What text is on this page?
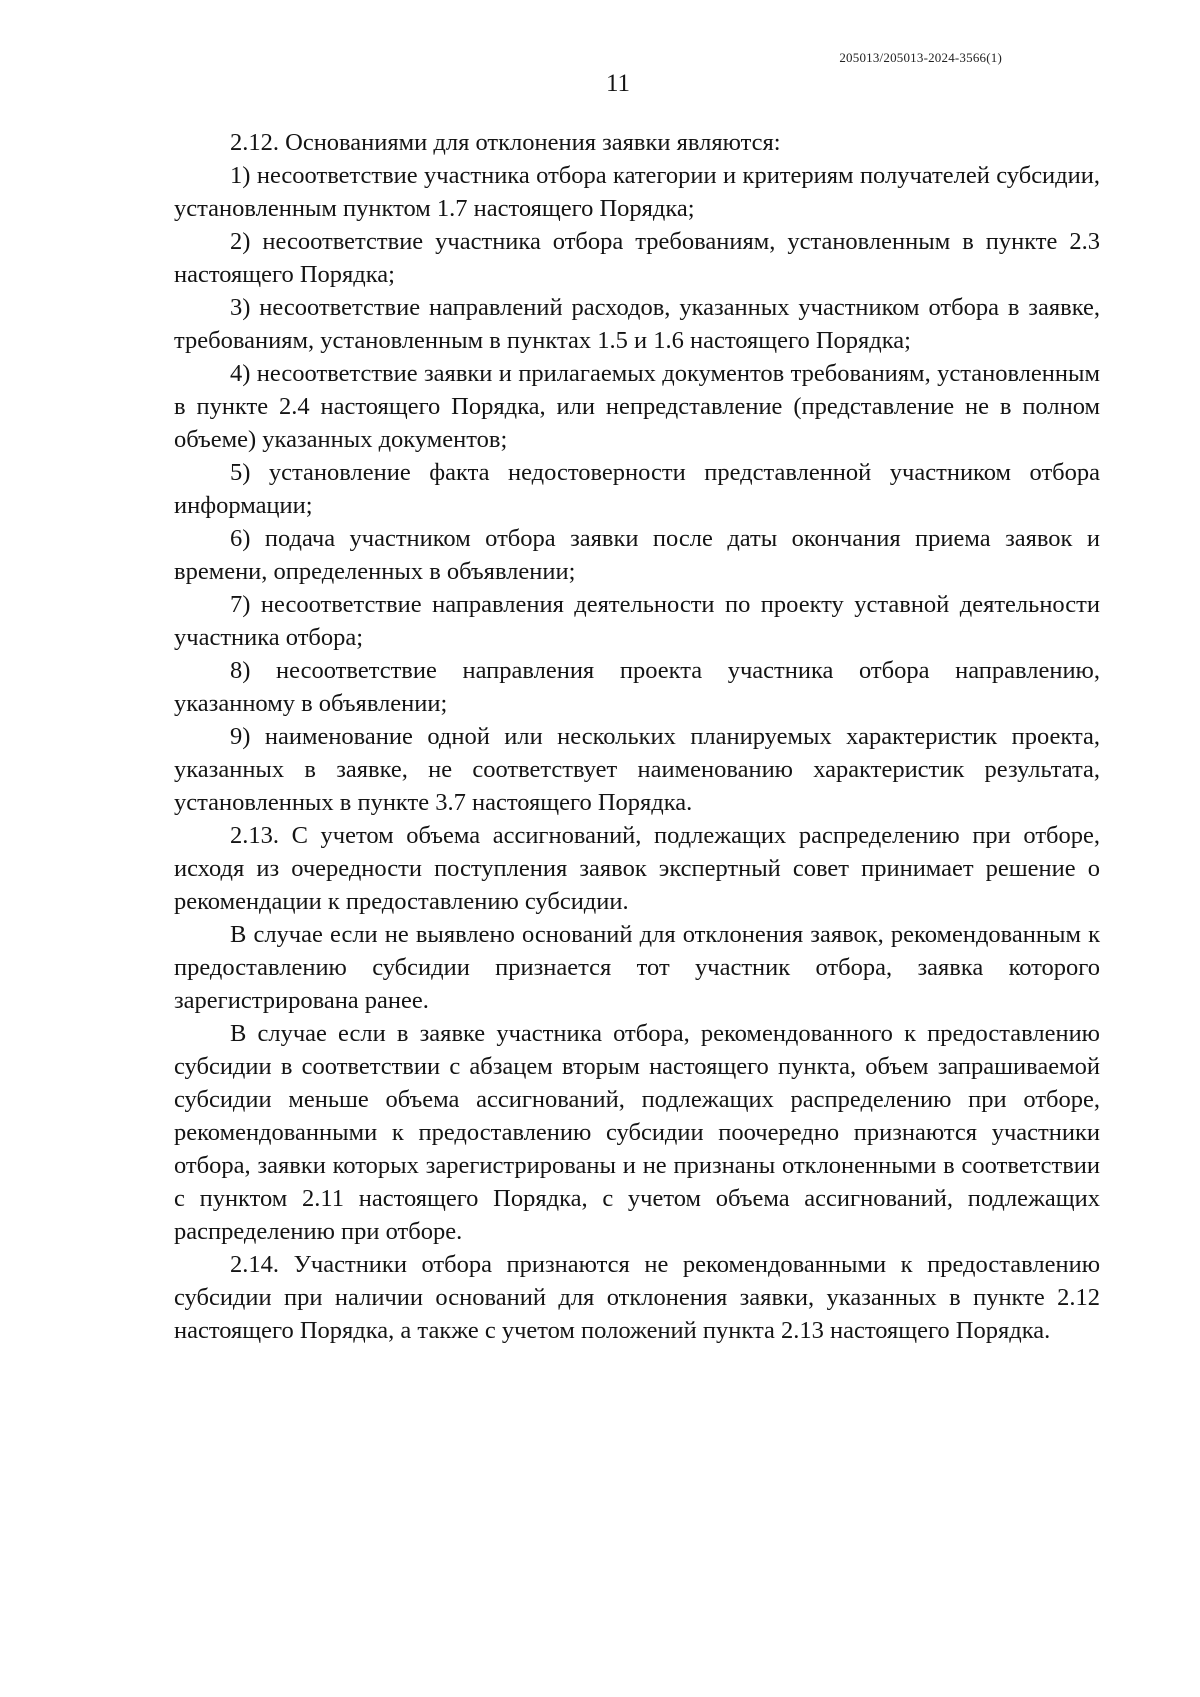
205013/205013-2024-3566(1)
11

2.12. Основаниями для отклонения заявки являются:

1) несоответствие участника отбора категории и критериям получателей субсидии, установленным пунктом 1.7 настоящего Порядка;

2) несоответствие участника отбора требованиям, установленным в пункте 2.3 настоящего Порядка;

3) несоответствие направлений расходов, указанных участником отбора в заявке, требованиям, установленным в пунктах 1.5 и 1.6 настоящего Порядка;

4) несоответствие заявки и прилагаемых документов требованиям, установленным в пункте 2.4 настоящего Порядка, или непредставление (представление не в полном объеме) указанных документов;

5) установление факта недостоверности представленной участником отбора информации;

6) подача участником отбора заявки после даты окончания приема заявок и времени, определенных в объявлении;

7) несоответствие направления деятельности по проекту уставной деятельности участника отбора;

8) несоответствие направления проекта участника отбора направлению, указанному в объявлении;

9) наименование одной или нескольких планируемых характеристик проекта, указанных в заявке, не соответствует наименованию характеристик результата, установленных в пункте 3.7 настоящего Порядка.

2.13. С учетом объема ассигнований, подлежащих распределению при отборе, исходя из очередности поступления заявок экспертный совет принимает решение о рекомендации к предоставлению субсидии.

В случае если не выявлено оснований для отклонения заявок, рекомендованным к предоставлению субсидии признается тот участник отбора, заявка которого зарегистрирована ранее.

В случае если в заявке участника отбора, рекомендованного к предоставлению субсидии в соответствии с абзацем вторым настоящего пункта, объем запрашиваемой субсидии меньше объема ассигнований, подлежащих распределению при отборе, рекомендованными к предоставлению субсидии поочередно признаются участники отбора, заявки которых зарегистрированы и не признаны отклоненными в соответствии с пунктом 2.11 настоящего Порядка, с учетом объема ассигнований, подлежащих распределению при отборе.

2.14. Участники отбора признаются не рекомендованными к предоставлению субсидии при наличии оснований для отклонения заявки, указанных в пункте 2.12 настоящего Порядка, а также с учетом положений пункта 2.13 настоящего Порядка.
